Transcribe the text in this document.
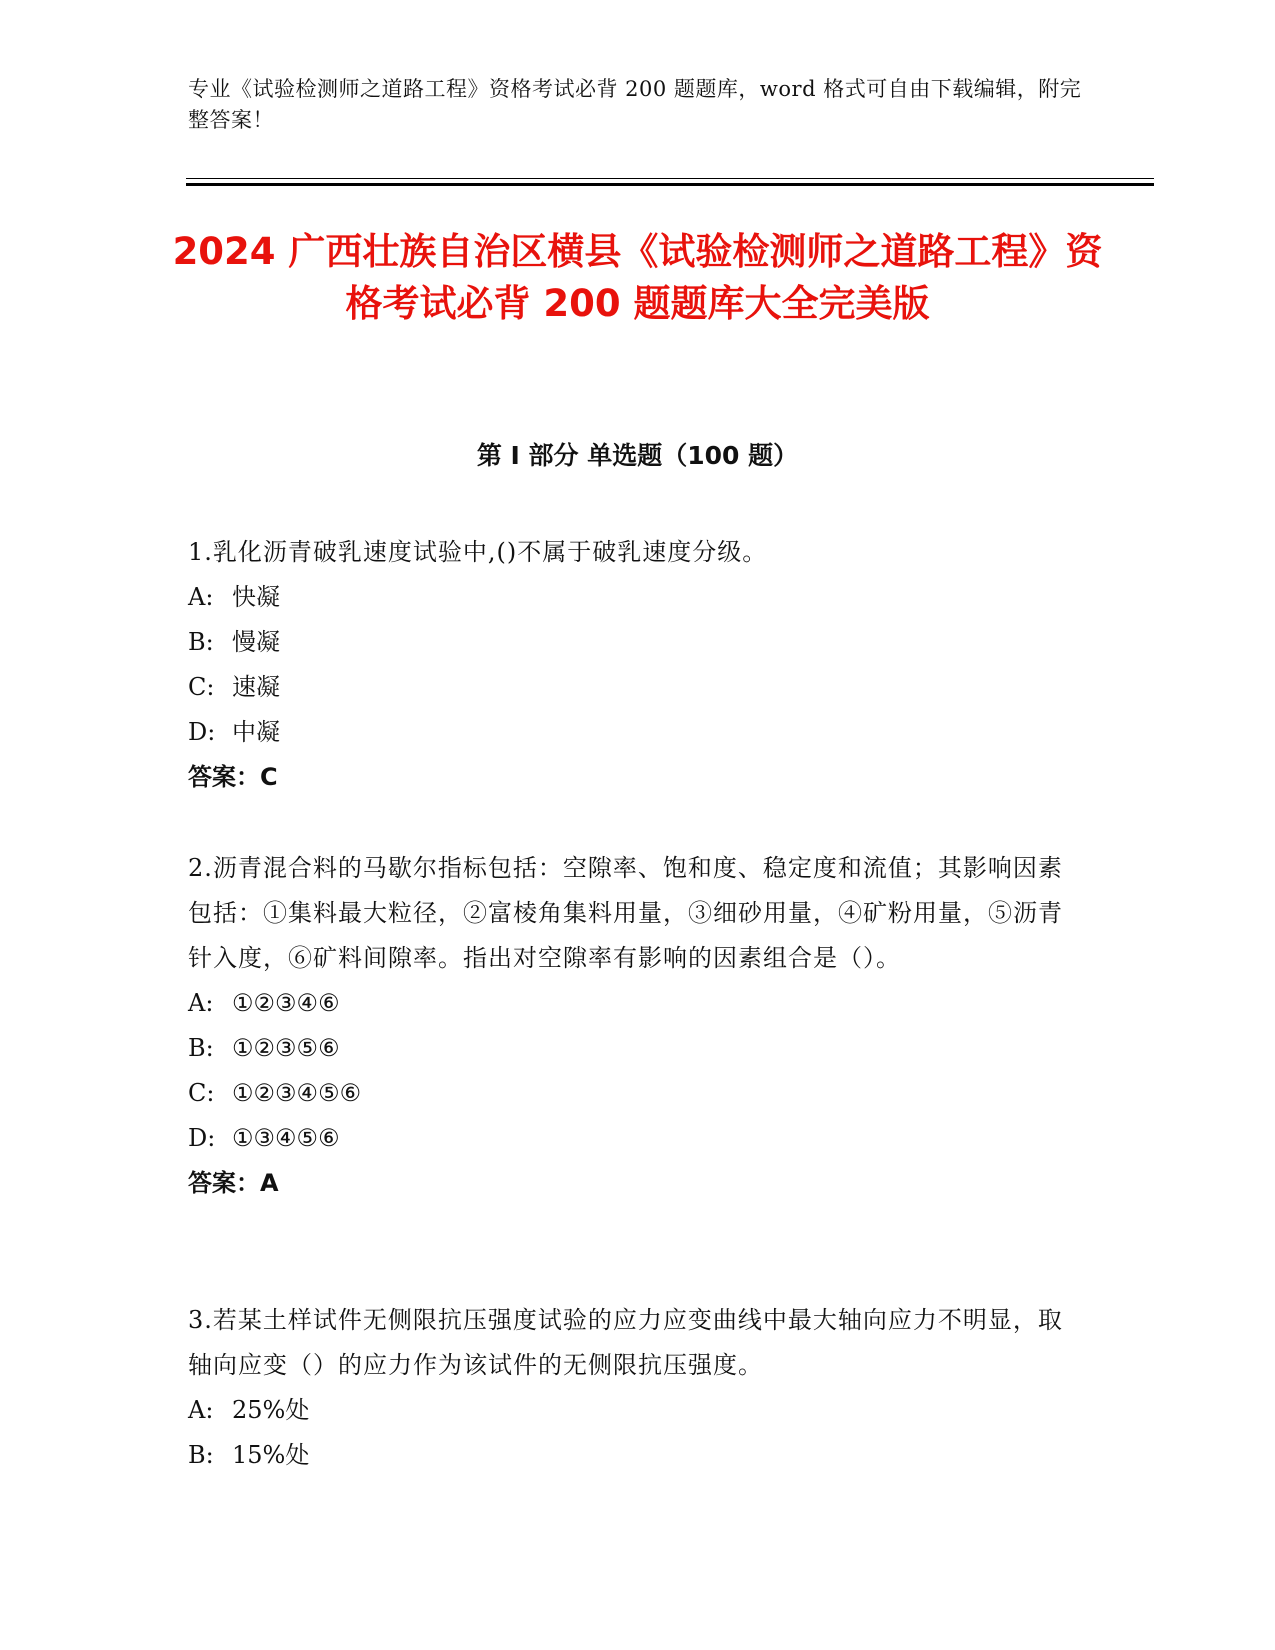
专业《试验检测师之道路工程》资格考试必背 200 题题库，word 格式可自由下载编辑，附完整答案！
2024 广西壮族自治区横县《试验检测师之道路工程》资格考试必背 200 题题库大全完美版
第 I 部分 单选题（100 题）

1.乳化沥青破乳速度试验中,()不属于破乳速度分级。

A: 快凝
B: 慢凝
C: 速凝
D: 中凝
答案：C

2.沥青混合料的马歇尔指标包括：空隙率、饱和度、稳定度和流值；其影响因素包括：①集料最大粒径，②富棱角集料用量，③细砂用量，④矿粉用量，⑤沥青针入度，⑥矿料间隙率。指出对空隙率有影响的因素组合是（）。

A: ①②③④⑥
B: ①②③⑤⑥
C: ①②③④⑤⑥
D: ①③④⑤⑥
答案：A

3.若某土样试件无侧限抗压强度试验的应力应变曲线中最大轴向应力不明显，取轴向应变（）的应力作为该试件的无侧限抗压强度。

A: 25%处
B: 15%处
